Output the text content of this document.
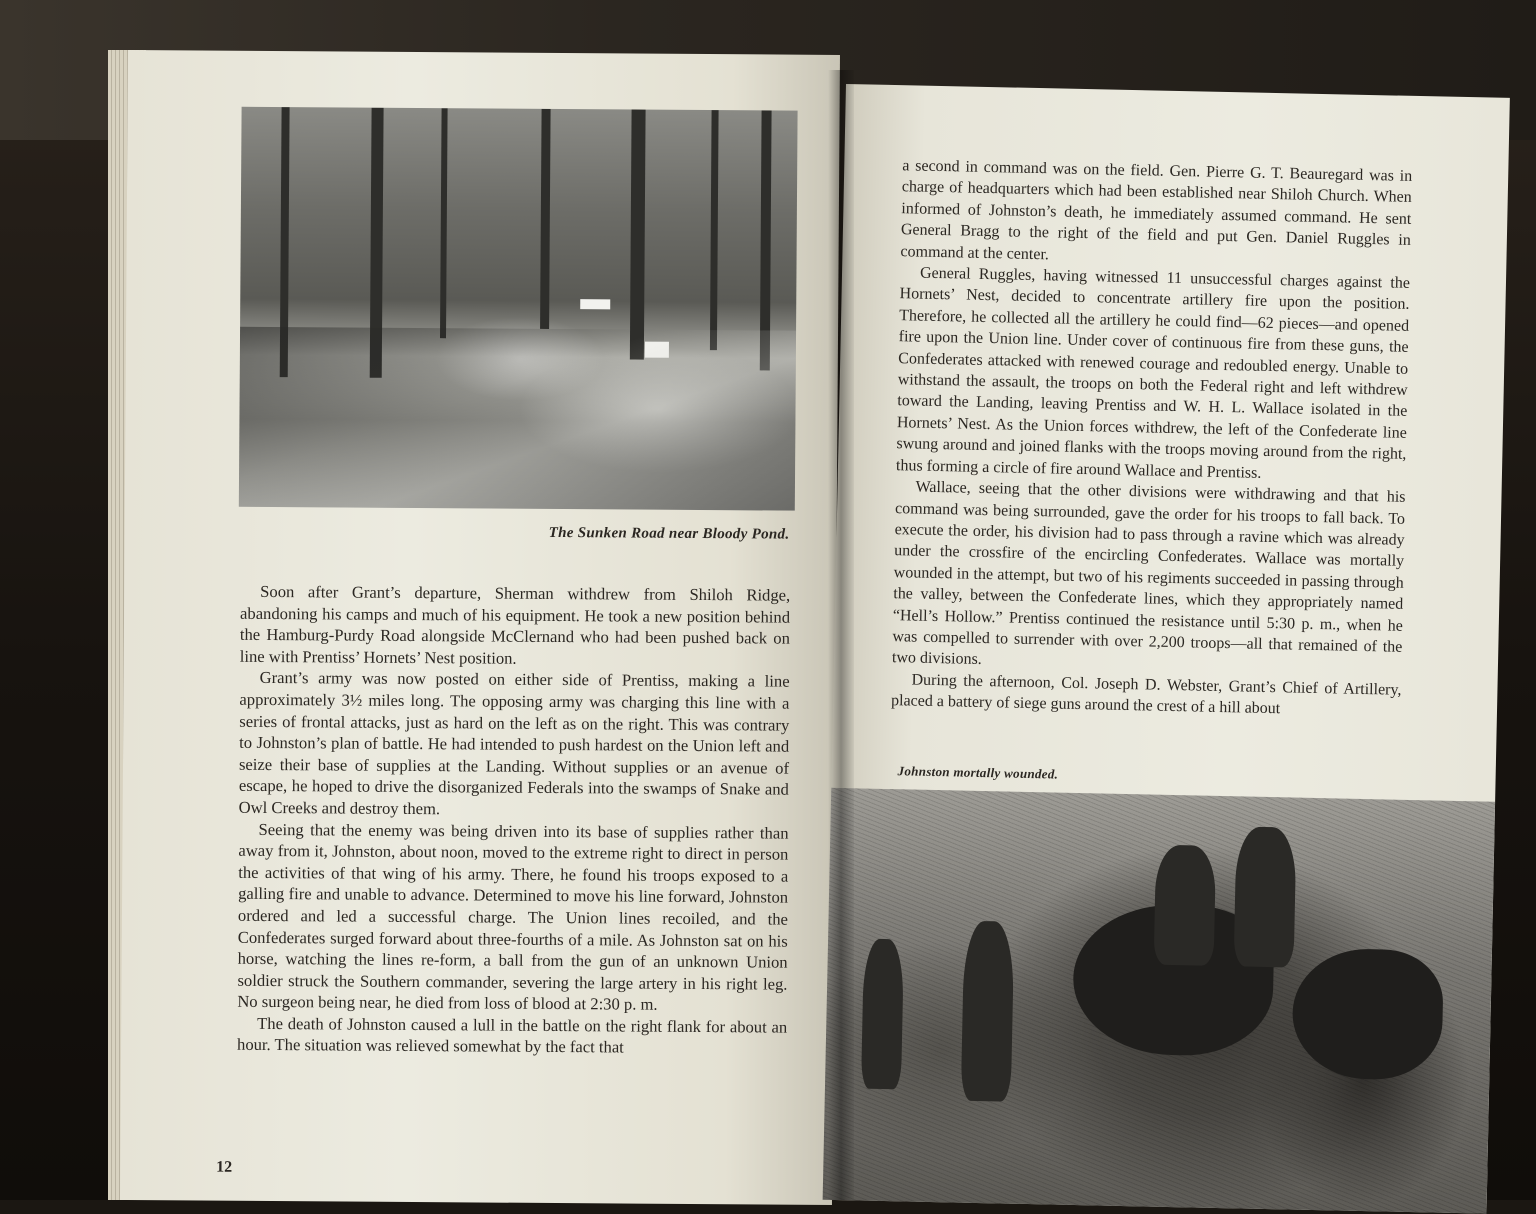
The Sunken Road near Bloody Pond.

Soon after Grant’s departure, Sherman withdrew from Shiloh Ridge, abandoning his camps and much of his equipment. He took a new position behind the Hamburg-Purdy Road alongside McClernand who had been pushed back on line with Prentiss’ Hornets’ Nest position.

Grant’s army was now posted on either side of Prentiss, making a line approximately 3½ miles long. The opposing army was charging this line with a series of frontal attacks, just as hard on the left as on the right. This was contrary to Johnston’s plan of battle. He had intended to push hardest on the Union left and seize their base of supplies at the Landing. Without supplies or an avenue of escape, he hoped to drive the disorganized Federals into the swamps of Snake and Owl Creeks and destroy them.

Seeing that the enemy was being driven into its base of supplies rather than away from it, Johnston, about noon, moved to the extreme right to direct in person the activities of that wing of his army. There, he found his troops exposed to a galling fire and unable to advance. Determined to move his line forward, Johnston ordered and led a successful charge. The Union lines recoiled, and the Confederates surged forward about three-fourths of a mile. As Johnston sat on his horse, watching the lines re-form, a ball from the gun of an unknown Union soldier struck the Southern commander, severing the large artery in his right leg. No surgeon being near, he died from loss of blood at 2:30 p. m.

The death of Johnston caused a lull in the battle on the right flank for about an hour. The situation was relieved somewhat by the fact that

12

a second in command was on the field. Gen. Pierre G. T. Beauregard was in charge of headquarters which had been established near Shiloh Church. When informed of Johnston’s death, he immediately assumed command. He sent General Bragg to the right of the field and put Gen. Daniel Ruggles in command at the center.

General Ruggles, having witnessed 11 unsuccessful charges against the Hornets’ Nest, decided to concentrate artillery fire upon the position. Therefore, he collected all the artillery he could find—62 pieces—and opened fire upon the Union line. Under cover of continuous fire from these guns, the Confederates attacked with renewed courage and redoubled energy. Unable to withstand the assault, the troops on both the Federal right and left withdrew toward the Landing, leaving Prentiss and W. H. L. Wallace isolated in the Hornets’ Nest. As the Union forces withdrew, the left of the Confederate line swung around and joined flanks with the troops moving around from the right, thus forming a circle of fire around Wallace and Prentiss.

Wallace, seeing that the other divisions were withdrawing and that his command was being surrounded, gave the order for his troops to fall back. To execute the order, his division had to pass through a ravine which was already under the crossfire of the encircling Confederates. Wallace was mortally wounded in the attempt, but two of his regiments succeeded in passing through the valley, between the Confederate lines, which they appropriately named “Hell’s Hollow.” Prentiss continued the resistance until 5:30 p. m., when he was compelled to surrender with over 2,200 troops—all that remained of the two divisions.

During the afternoon, Col. Joseph D. Webster, Grant’s Chief of Artillery, placed a battery of siege guns around the crest of a hill about

Johnston mortally wounded.
